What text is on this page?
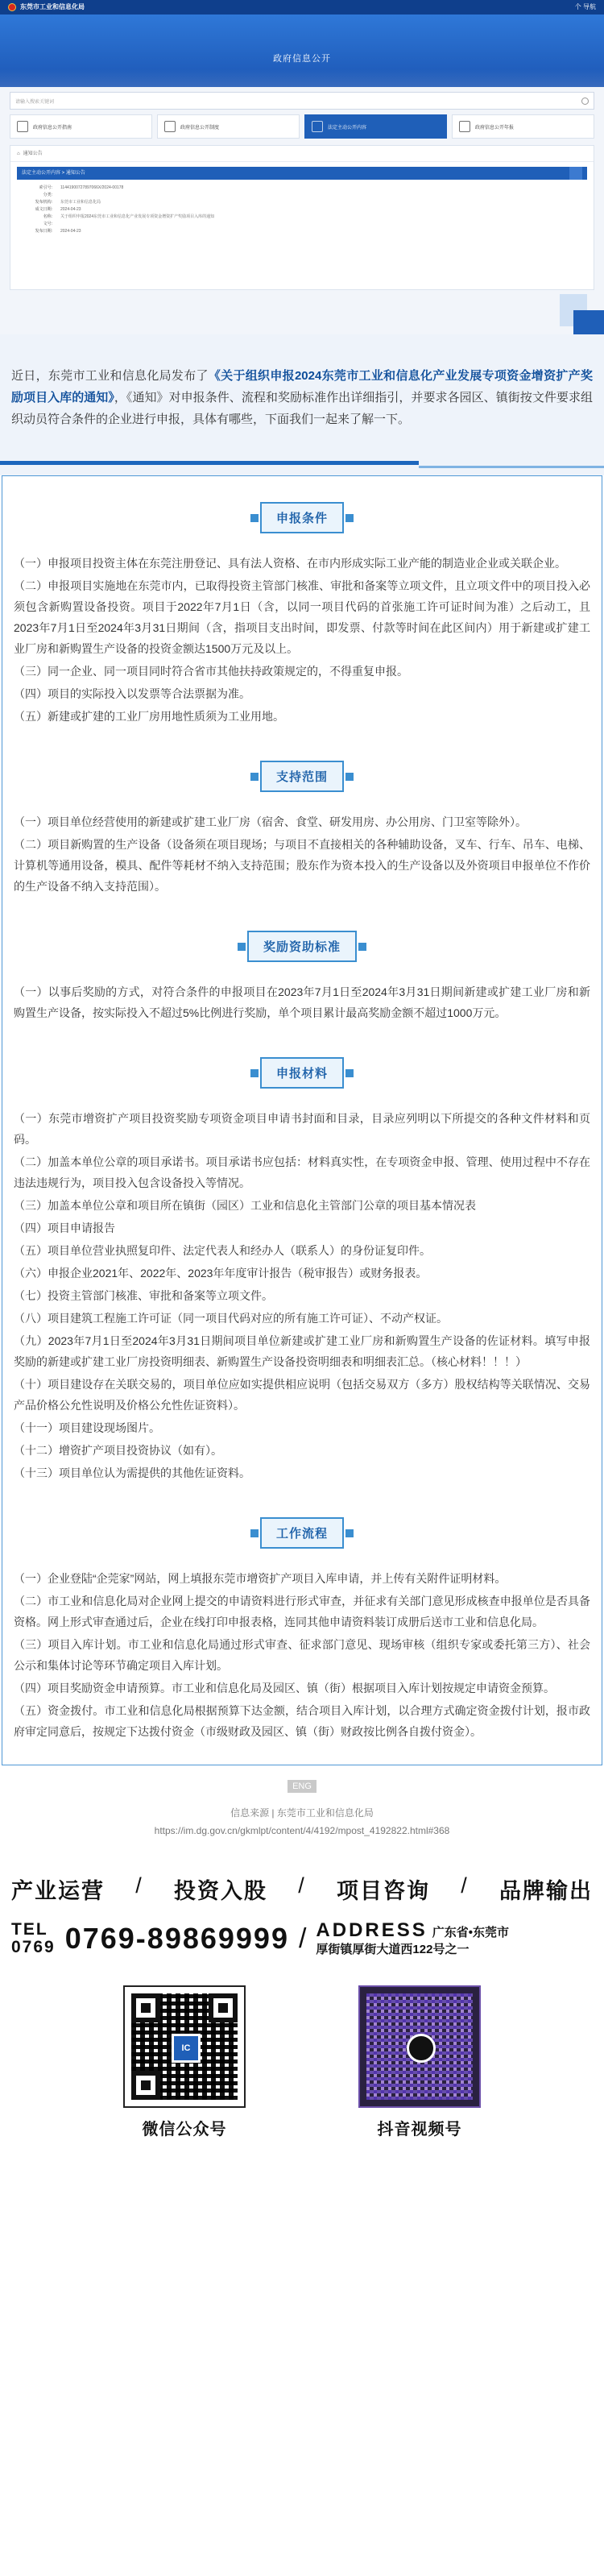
东莞市工业和信息化局	个 导航
政府信息公开
请输入搜索关键词
政府信息公开指南	政府信息公开制度	法定主动公开内容	政府信息公开年报
⌂ 通知公告
法定主动公开内容 > 通知公告
索引号: 11441900727897066X/2024-00178
分类:
发布机构: 东莞市工业和信息化局
成文日期: 2024-04-23
名称: 关于组织申报2024东莞市工业和信息化产业发展专项资金增资扩产奖励项目入库的通知
文号:
发布日期: 2024-04-23
近日，东莞市工业和信息化局发布了《关于组织申报2024东莞市工业和信息化产业发展专项资金增资扩产奖励项目入库的通知》，《通知》对申报条件、流程和奖励标准作出详细指引，并要求各园区、镇街按文件要求组织动员符合条件的企业进行申报，具体有哪些，下面我们一起来了解一下。
申报条件

（一）申报项目投资主体在东莞注册登记、具有法人资格、在市内形成实际工业产能的制造业企业或关联企业。

（二）申报项目实施地在东莞市内，已取得投资主管部门核准、审批和备案等立项文件，且立项文件中的项目投入必须包含新购置设备投资。项目于2022年7月1日（含，以同一项目代码的首张施工许可证时间为准）之后动工，且2023年7月1日至2024年3月31日期间（含，指项目支出时间，即发票、付款等时间在此区间内）用于新建或扩建工业厂房和新购置生产设备的投资金额达1500万元及以上。

（三）同一企业、同一项目同时符合省市其他扶持政策规定的，不得重复申报。

（四）项目的实际投入以发票等合法票据为准。

（五）新建或扩建的工业厂房用地性质须为工业用地。

支持范围

（一）项目单位经营使用的新建或扩建工业厂房（宿舍、食堂、研发用房、办公用房、门卫室等除外）。

（二）项目新购置的生产设备（设备须在项目现场；与项目不直接相关的各种辅助设备，叉车、行车、吊车、电梯、计算机等通用设备，模具、配件等耗材不纳入支持范围；股东作为资本投入的生产设备以及外资项目申报单位不作价的生产设备不纳入支持范围）。

奖励资助标准

（一）以事后奖励的方式，对符合条件的申报项目在2023年7月1日至2024年3月31日期间新建或扩建工业厂房和新购置生产设备，按实际投入不超过5%比例进行奖励，单个项目累计最高奖励金额不超过1000万元。

申报材料

（一）东莞市增资扩产项目投资奖励专项资金项目申请书封面和目录，目录应列明以下所提交的各种文件材料和页码。

（二）加盖本单位公章的项目承诺书。项目承诺书应包括：材料真实性，在专项资金申报、管理、使用过程中不存在违法违规行为，项目投入包含设备投入等情况。

（三）加盖本单位公章和项目所在镇街（园区）工业和信息化主管部门公章的项目基本情况表

（四）项目申请报告

（五）项目单位营业执照复印件、法定代表人和经办人（联系人）的身份证复印件。

（六）申报企业2021年、2022年、2023年年度审计报告（税审报告）或财务报表。

（七）投资主管部门核准、审批和备案等立项文件。

（八）项目建筑工程施工许可证（同一项目代码对应的所有施工许可证）、不动产权证。

（九）2023年7月1日至2024年3月31日期间项目单位新建或扩建工业厂房和新购置生产设备的佐证材料。填写申报奖励的新建或扩建工业厂房投资明细表、新购置生产设备投资明细表和明细表汇总。（核心材料！！！）

（十）项目建设存在关联交易的，项目单位应如实提供相应说明（包括交易双方（多方）股权结构等关联情况、交易产品价格公允性说明及价格公允性佐证资料）。

（十一）项目建设现场图片。

（十二）增资扩产项目投资协议（如有）。

（十三）项目单位认为需提供的其他佐证资料。

工作流程

（一）企业登陆“企莞家”网站，网上填报东莞市增资扩产项目入库申请，并上传有关附件证明材料。

（二）市工业和信息化局对企业网上提交的申请资料进行形式审查，并征求有关部门意见形成核查申报单位是否具备资格。网上形式审查通过后，企业在线打印申报表格，连同其他申请资料装订成册后送市工业和信息化局。

（三）项目入库计划。市工业和信息化局通过形式审查、征求部门意见、现场审核（组织专家或委托第三方）、社会公示和集体讨论等环节确定项目入库计划。

（四）项目奖励资金申请预算。市工业和信息化局及园区、镇（街）根据项目入库计划按规定申请资金预算。

（五）资金拨付。市工业和信息化局根据预算下达金额，结合项目入库计划，以合理方式确定资金拨付计划，报市政府审定同意后，按规定下达拨付资金（市级财政及园区、镇（街）财政按比例各自拨付资金）。

ENG
信息来源 | 东莞市工业和信息化局
https://im.dg.gov.cn/gkmlpt/content/4/4192/mpost_4192822.html#368
产业运营 / 投资入股 / 项目咨询 / 品牌输出
TEL
0769 0769-89869999 / ADDRESS 广东省•东莞市
厚街镇厚街大道西122号之一
IC
微信公众号	抖音视频号
